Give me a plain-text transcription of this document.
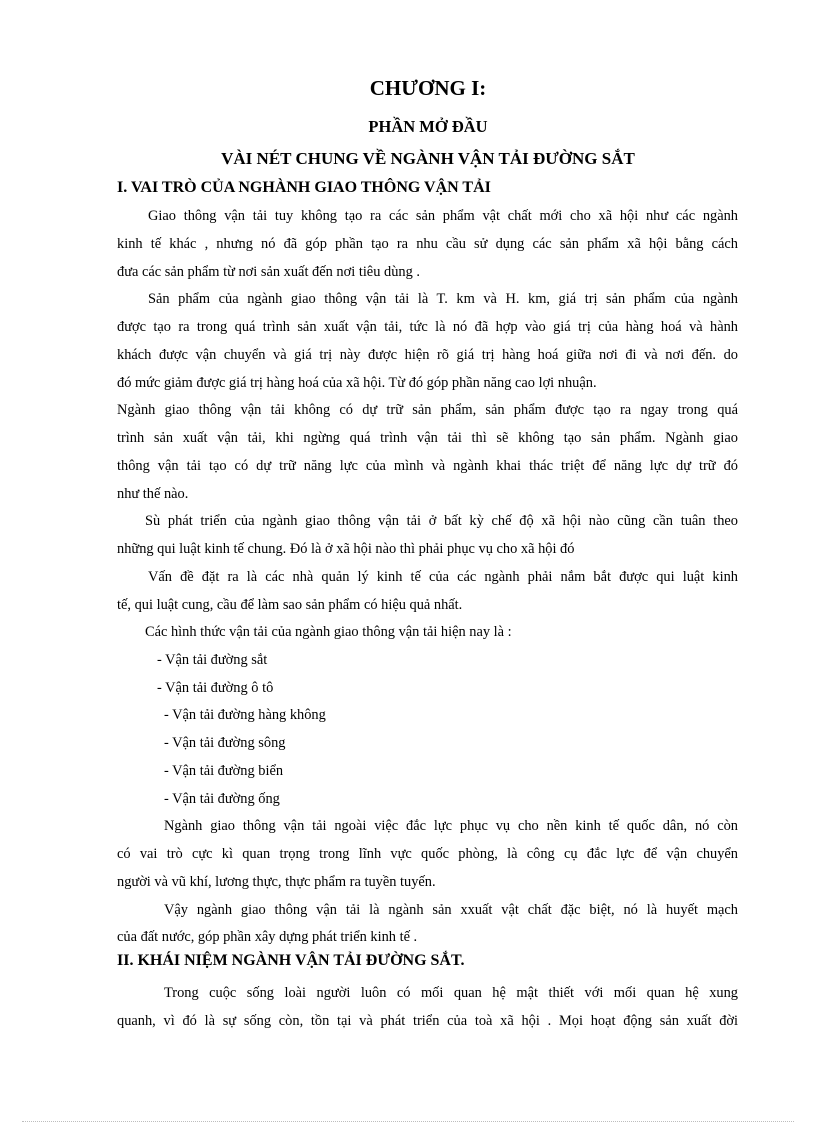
CHƯƠNG I:
PHẦN MỞ ĐẦU
VÀI NÉT CHUNG VỀ NGÀNH VẬN TẢI ĐƯỜNG SẮT
I. VAI TRÒ CỦA NGHÀNH GIAO THÔNG VẬN TẢI

Giao thông vận tải tuy không tạo ra các sản phẩm vật chất mới cho xã hội như các ngành

kinh tế khác , nhưng nó đã góp phần tạo ra nhu cầu sử dụng các sản phẩm xã hội bằng cách

đưa các sản phẩm từ nơi sản xuất đến nơi tiêu dùng .

Sản phẩm của ngành giao thông vận tải là T. km và H. km, giá trị sản phẩm của ngành

được tạo ra trong quá trình sản xuất vận tải, tức là nó đã hợp vào giá trị của hàng hoá và hành

khách được vận chuyển và giá trị này được hiện rõ giá trị hàng hoá giữa nơi đi và nơi đến. do

đó mức giảm được giá trị hàng hoá của xã hội. Từ đó góp phần năng cao lợi nhuận.

Ngành giao thông vận tải không có dự trữ sản phẩm, sản phẩm được tạo ra ngay trong quá

trình sản xuất vận tải, khi ngừng quá trình vận tải thì sẽ không tạo sản phẩm. Ngành giao

thông vận tải tạo có dự trữ năng lực của mình và ngành khai thác triệt để năng lực dự trữ đó

như thế nào.

Sù phát triển của ngành giao thông vận tải ở bất kỳ chế độ xã hội nào cũng cần tuân theo

những qui luật kinh tế chung. Đó là ở xã hội nào thì phải phục vụ cho xã hội đó

Vấn đề đặt ra là các nhà quản lý kinh tế của các ngành phải nắm bắt được qui luật kinh

tế, qui luật cung, cầu để làm sao sản phẩm có hiệu quả nhất.

Các hình thức vận tải của ngành giao thông vận tải hiện nay là :

- Vận tải đường sắt

- Vận tải đường ô tô

- Vận tải đường hàng không

- Vận tải đường sông

- Vận tải đường biển

- Vận tải đường ống

Ngành giao thông vận tải ngoài việc đắc lực phục vụ cho nền kinh tế quốc dân, nó còn

có vai trò cực kì quan trọng trong lĩnh vực quốc phòng, là công cụ đắc lực để vận chuyển

người và vũ khí, lương thực, thực phẩm ra tuyền tuyến.

Vậy ngành giao thông vận tải là ngành sản xxuất vật chất đặc biệt, nó là huyết mạch

của đất nước, góp phần xây dựng phát triển kinh tế .

II. KHÁI NIỆM NGÀNH VẬN TẢI ĐƯỜNG SẮT.

Trong cuộc sống loài người luôn có mối quan hệ mật thiết với mối quan hệ xung

quanh, vì đó là sự sống còn, tồn tại và phát triển của toà xã hội . Mọi hoạt động sản xuất đời
